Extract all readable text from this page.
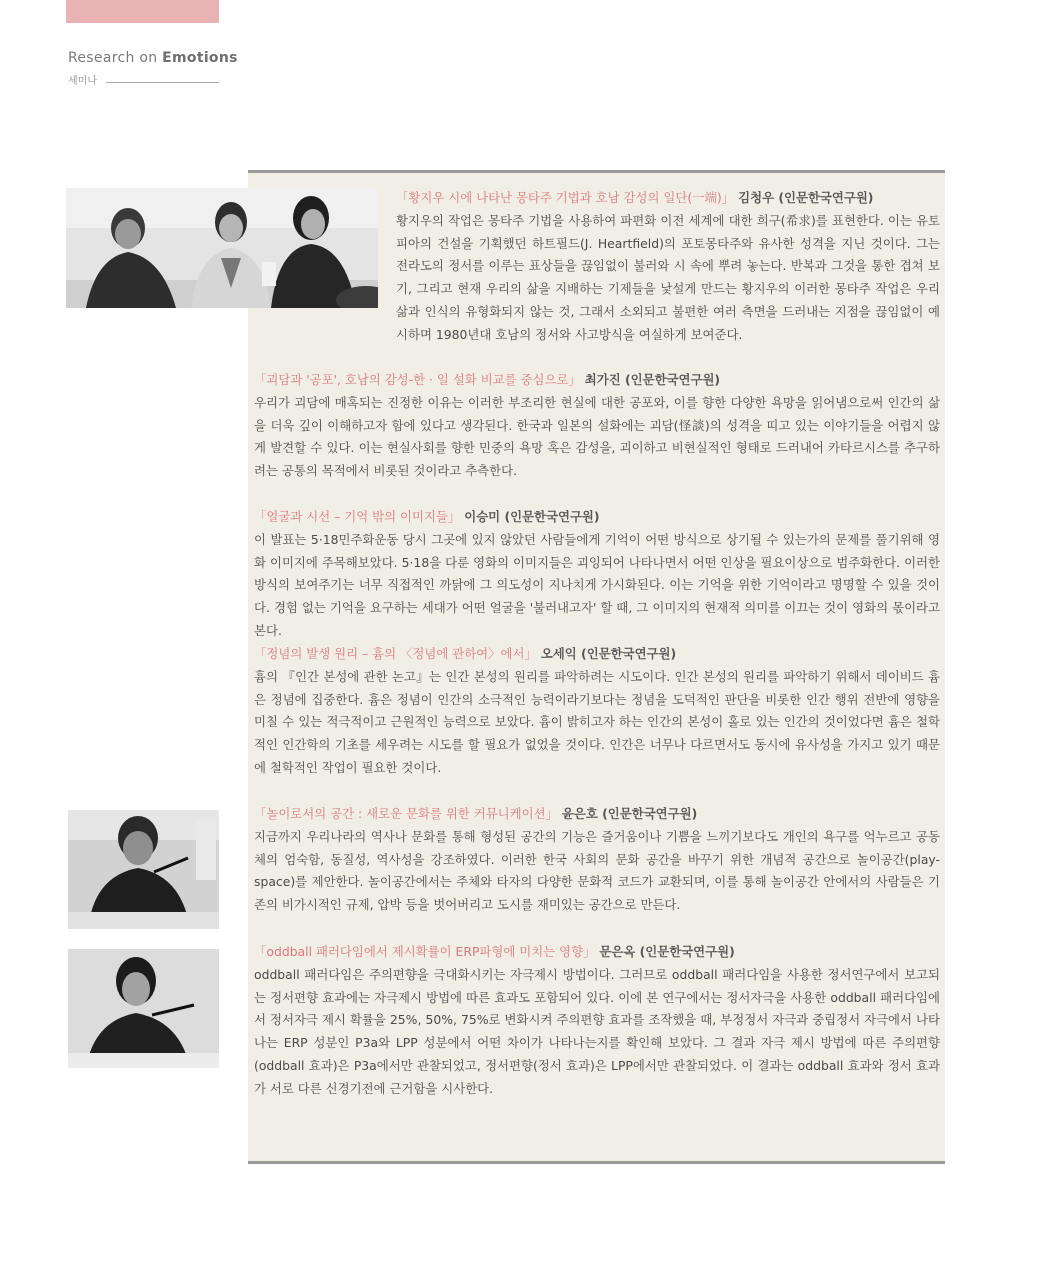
Research on Emotions
세미나
「황지우 시에 나타난 몽타주 기법과 호남 감성의 일단(一端)」 김청우 (인문한국연구원)
황지우의 작업은 몽타주 기법을 사용하여 파편화 이전 세계에 대한 희구(希求)를 표현한다. 이는 유토피아의 건설을 기획했던 하트필드(J. Heartfield)의 포토몽타주와 유사한 성격을 지닌 것이다. 그는 전라도의 정서를 이루는 표상들을 끊임없이 불러와 시 속에 뿌려 놓는다. 반복과 그것을 통한 겹쳐 보기, 그리고 현재 우리의 삶을 지배하는 기제들을 낯설게 만드는 황지우의 이러한 몽타주 작업은 우리 삶과 인식의 유형화되지 않는 것, 그래서 소외되고 불편한 여러 측면을 드러내는 지점을 끊임없이 예시하며 1980년대 호남의 정서와 사고방식을 여실하게 보여준다.
「괴담과 '공포', 호남의 감성-한 · 일 설화 비교를 중심으로」 최가진 (인문한국연구원)
우리가 괴담에 매혹되는 진정한 이유는 이러한 부조리한 현실에 대한 공포와, 이를 향한 다양한 욕망을 읽어냄으로써 인간의 삶을 더욱 깊이 이해하고자 함에 있다고 생각된다. 한국과 일본의 설화에는 괴담(怪談)의 성격을 띠고 있는 이야기들을 어렵지 않게 발견할 수 있다. 이는 현실사회를 향한 민중의 욕망 혹은 감성을, 괴이하고 비현실적인 형태로 드러내어 카타르시스를 추구하려는 공통의 목적에서 비롯된 것이라고 추측한다.
「얼굴과 시선 – 기억 밖의 이미지들」 이승미 (인문한국연구원)
이 발표는 5·18민주화운동 당시 그곳에 있지 않았던 사람들에게 기억이 어떤 방식으로 상기될 수 있는가의 문제를 풀기위해 영화 이미지에 주목해보았다. 5·18을 다룬 영화의 이미지들은 괴잉되어 나타나면서 어떤 인상을 필요이상으로 범주화한다. 이러한 방식의 보여주기는 너무 직접적인 까닭에 그 의도성이 지나치게 가시화된다. 이는 기억을 위한 기억이라고 명명할 수 있을 것이다. 경험 없는 기억을 요구하는 세대가 어떤 얼굴을 '불러내고자' 할 때, 그 이미지의 현재적 의미를 이끄는 것이 영화의 몫이라고 본다.
「정념의 발생 원리 – 흄의 〈정념에 관하여〉에서」 오세익 (인문한국연구원)
흄의 『인간 본성에 관한 논고』는 인간 본성의 원리를 파악하려는 시도이다. 인간 본성의 원리를 파악하기 위해서 데이비드 흄은 정념에 집중한다. 흄은 정념이 인간의 소극적인 능력이라기보다는 정념을 도덕적인 판단을 비롯한 인간 행위 전반에 영향을 미칠 수 있는 적극적이고 근원적인 능력으로 보았다. 흄이 밝히고자 하는 인간의 본성이 홀로 있는 인간의 것이었다면 흄은 철학적인 인간학의 기초를 세우려는 시도를 할 필요가 없었을 것이다. 인간은 너무나 다르면서도 동시에 유사성을 가지고 있기 때문에 철학적인 작업이 필요한 것이다.
「놀이로서의 공간 : 새로운 문화를 위한 커뮤니케이션」 윤은호 (인문한국연구원)
지금까지 우리나라의 역사나 문화를 통해 형성된 공간의 기능은 즐거움이나 기쁨을 느끼기보다도 개인의 욕구를 억누르고 공동체의 엄숙함, 동질성, 역사성을 강조하였다. 이러한 한국 사회의 문화 공간을 바꾸기 위한 개념적 공간으로 놀이공간(play-space)를 제안한다. 놀이공간에서는 주체와 타자의 다양한 문화적 코드가 교환되며, 이를 통해 놀이공간 안에서의 사람들은 기존의 비가시적인 규제, 압박 등을 벗어버리고 도시를 재미있는 공간으로 만든다.
「oddball 패러다임에서 제시확률이 ERP파형에 미치는 영향」 문은옥 (인문한국연구원)
oddball 패러다임은 주의편향을 극대화시키는 자극제시 방법이다. 그러므로 oddball 패러다임을 사용한 정서연구에서 보고되는 정서편향 효과에는 자극제시 방법에 따른 효과도 포함되어 있다. 이에 본 연구에서는 정서자극을 사용한 oddball 패러다임에서 정서자극 제시 확률을 25%, 50%, 75%로 변화시켜 주의편향 효과를 조작했을 때, 부정정서 자극과 중립정서 자극에서 나타나는 ERP 성분인 P3a와 LPP 성분에서 어떤 차이가 나타나는지를 확인해 보았다. 그 결과 자극 제시 방법에 따른 주의편향(oddball 효과)은 P3a에서만 관찰되었고, 정서편향(정서 효과)은 LPP에서만 관찰되었다. 이 결과는 oddball 효과와 정서 효과가 서로 다른 신경기전에 근거함을 시사한다.
